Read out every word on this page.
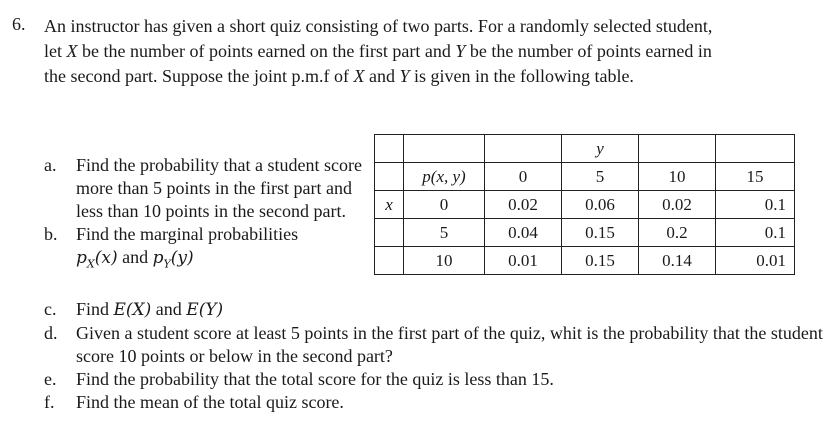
6. An instructor has given a short quiz consisting of two parts. For a randomly selected student,

let X be the number of points earned on the first part and Y be the number of points earned in

the second part. Suppose the joint p.m.f of X and Y is given in the following table.

a. Find the probability that a student score more than 5 points in the first part and less than 10 points in the second part.
b. Find the marginal probabilities
$p_X(x)$ and $p_Y(y)$
			y		
	p(x, y)	0	5	10	15
x	0	0.02	0.06	0.02	0.1
	5	0.04	0.15	0.2	0.1
	10	0.01	0.15	0.14	0.01
c. Find E(X) and E(Y)
d. Given a student score at least 5 points in the first part of the quiz, whit is the probability that the student score 10 points or below in the second part?
e. Find the probability that the total score for the quiz is less than 15.
f. Find the mean of the total quiz score.
